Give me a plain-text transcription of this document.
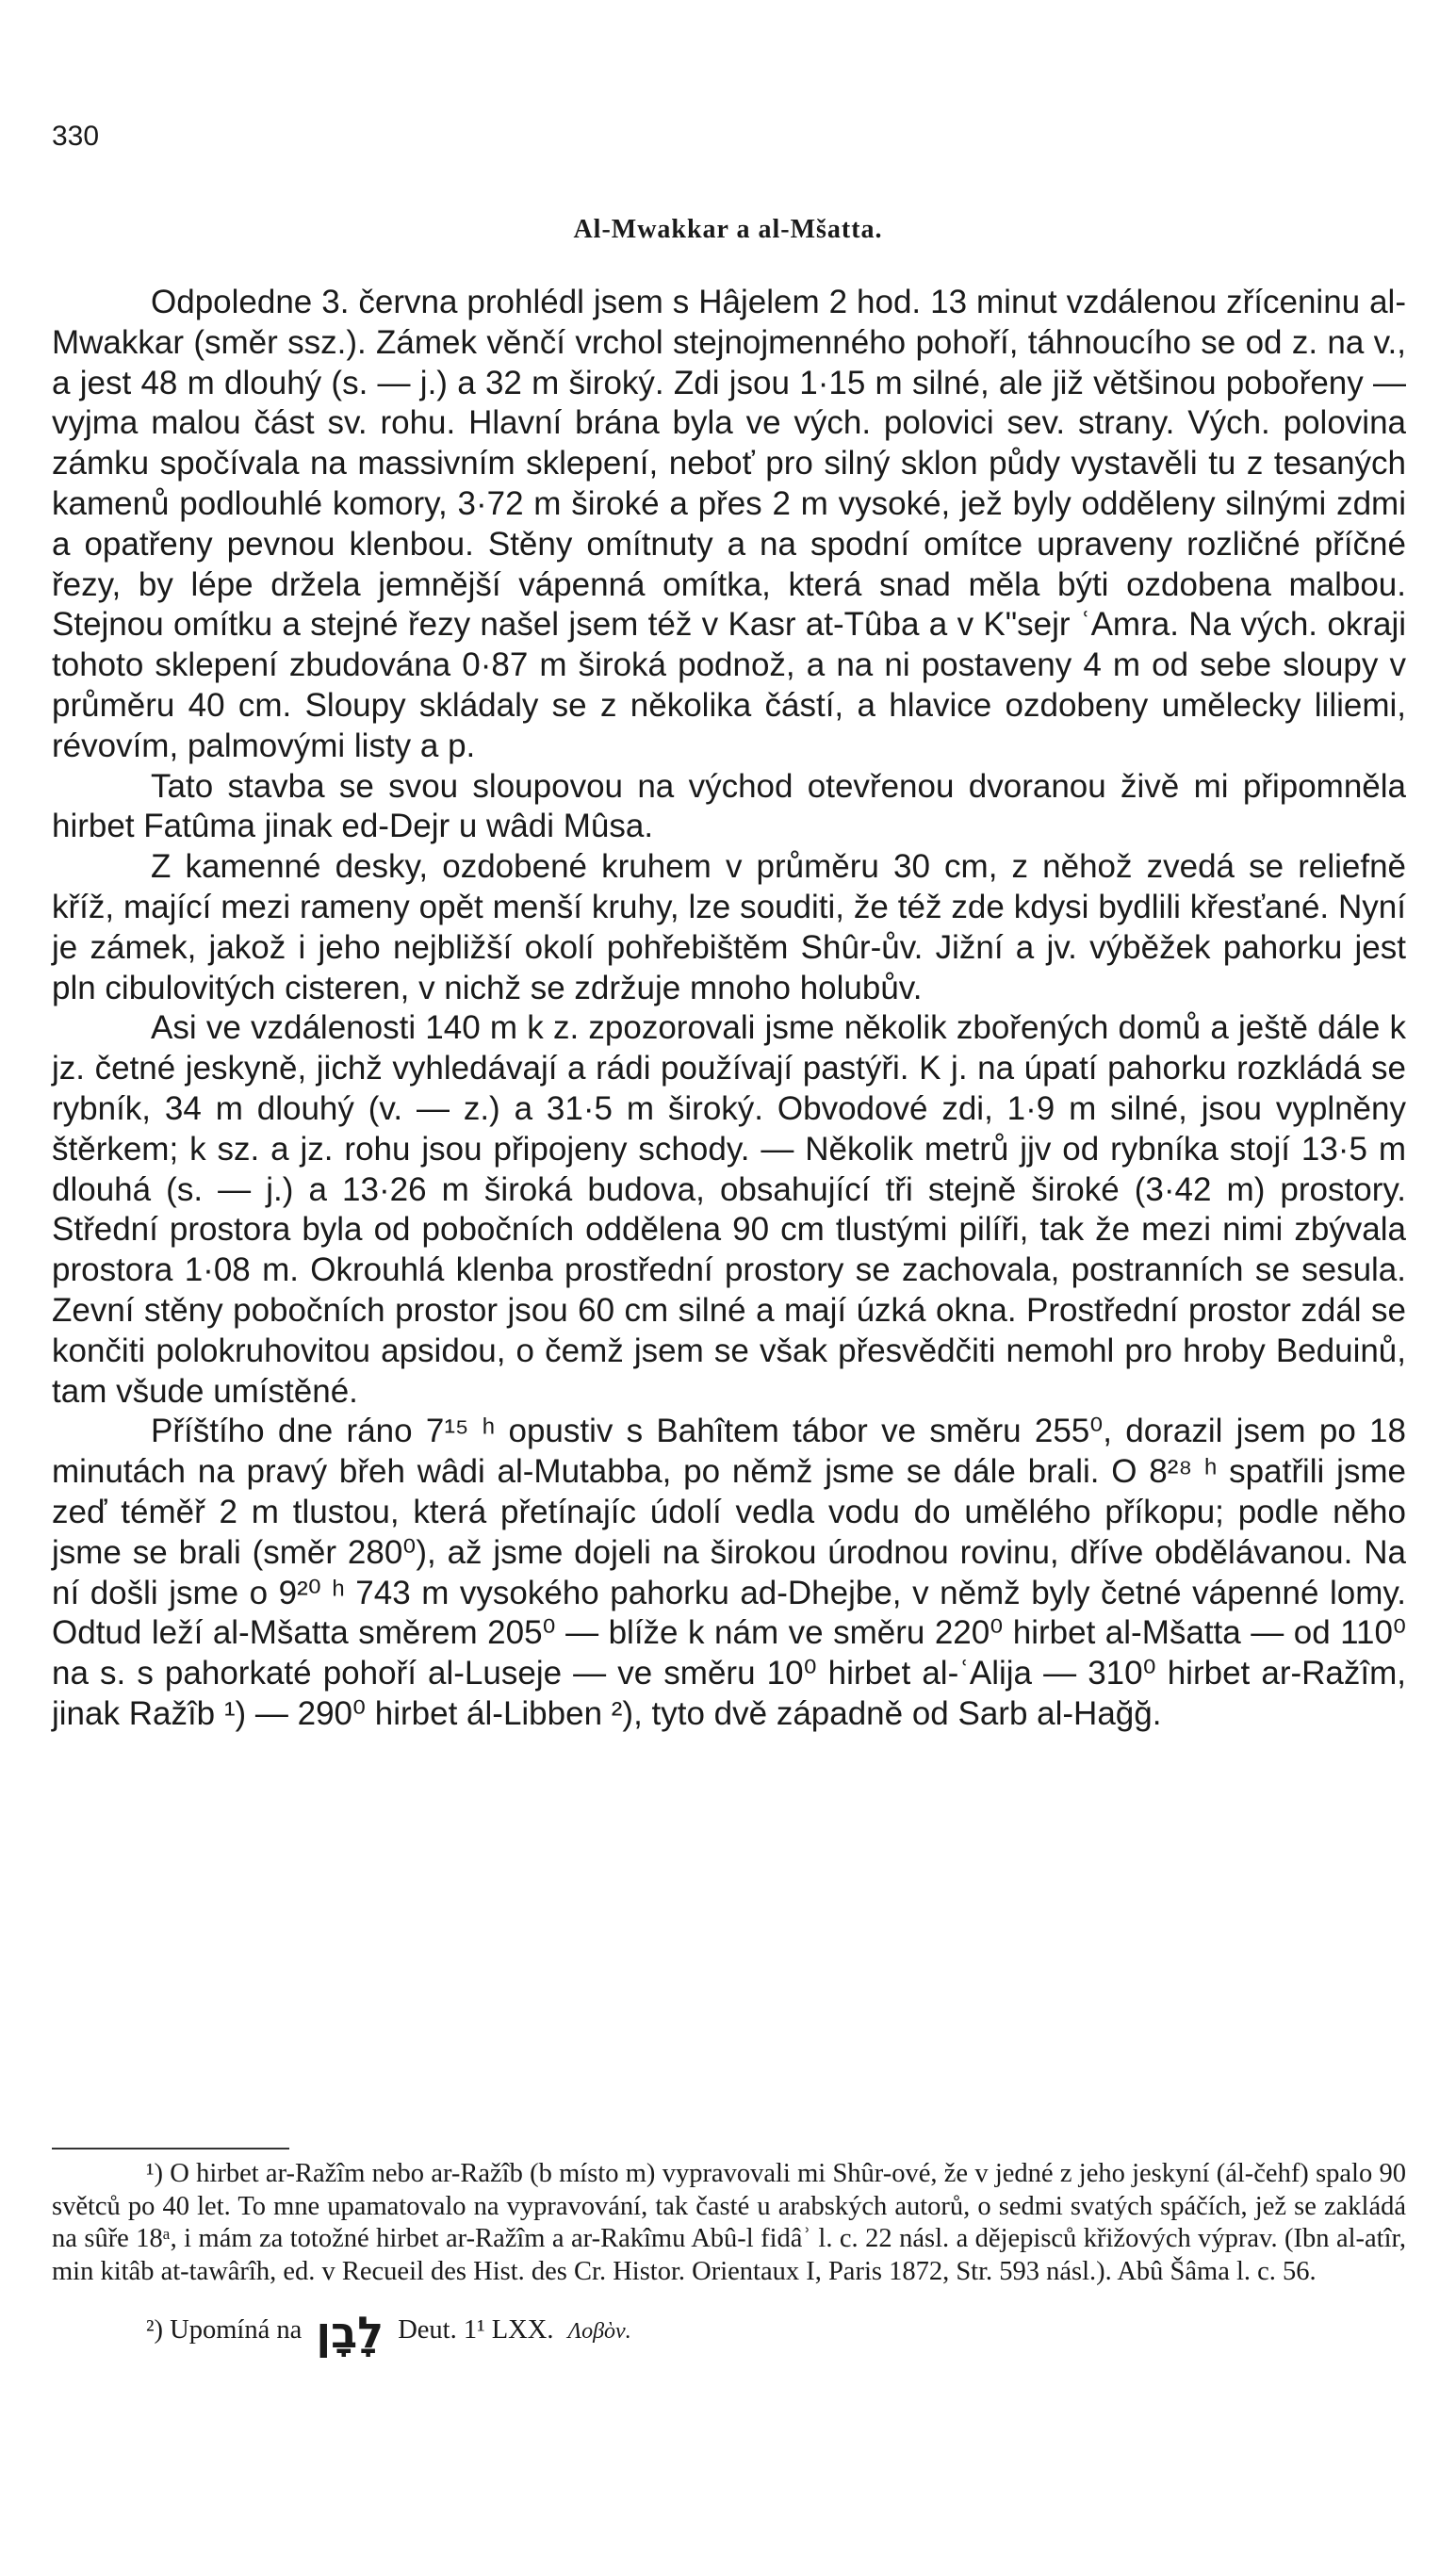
330
Al-Mwakkar a al-Mšatta.

Odpoledne 3. června prohlédl jsem s Hâjelem 2 hod. 13 minut vzdálenou zříceninu al-Mwakkar (směr ssz.). Zámek věnčí vrchol stejnojmenného pohoří, táhnoucího se od z. na v., a jest 48 m dlouhý (s. — j.) a 32 m široký. Zdi jsou 1·15 m silné, ale již většinou pobořeny — vyjma malou část sv. rohu. Hlavní brána byla ve vých. polovici sev. strany. Vých. polovina zámku spočívala na massivním sklepení, neboť pro silný sklon půdy vystavěli tu z tesaných kamenů podlouhlé komory, 3·72 m široké a přes 2 m vysoké, jež byly odděleny silnými zdmi a opatřeny pevnou klenbou. Stěny omítnuty a na spodní omítce upraveny rozličné příčné řezy, by lépe držela jemnější vápenná omítka, která snad měla býti ozdobena malbou. Stejnou omítku a stejné řezy našel jsem též v Kasr at-Tûba a v K"sejr ʿAmra. Na vých. okraji tohoto sklepení zbudována 0·87 m široká podnož, a na ni postaveny 4 m od sebe sloupy v průměru 40 cm. Sloupy skládaly se z několika částí, a hlavice ozdobeny umělecky liliemi, révovím, palmovými listy a p.

Tato stavba se svou sloupovou na východ otevřenou dvoranou živě mi připomněla hirbet Fatûma jinak ed-Dejr u wâdi Mûsa.

Z kamenné desky, ozdobené kruhem v průměru 30 cm, z něhož zvedá se reliefně kříž, mající mezi rameny opět menší kruhy, lze souditi, že též zde kdysi bydlili křesťané. Nyní je zámek, jakož i jeho nejbližší okolí pohřebištěm Shûr-ův. Jižní a jv. výběžek pahorku jest pln cibulovitých cisteren, v nichž se zdržuje mnoho holubův.

Asi ve vzdálenosti 140 m k z. zpozorovali jsme několik zbořených domů a ještě dále k jz. četné jeskyně, jichž vyhledávají a rádi používají pastýři. K j. na úpatí pahorku rozkládá se rybník, 34 m dlouhý (v. — z.) a 31·5 m široký. Obvodové zdi, 1·9 m silné, jsou vyplněny štěrkem; k sz. a jz. rohu jsou připojeny schody. — Několik metrů jjv od rybníka stojí 13·5 m dlouhá (s. — j.) a 13·26 m široká budova, obsahující tři stejně široké (3·42 m) prostory. Střední prostora byla od pobočních oddělena 90 cm tlustými pilíři, tak že mezi nimi zbývala prostora 1·08 m. Okrouhlá klenba prostřední prostory se zachovala, postranních se sesula. Zevní stěny pobočních prostor jsou 60 cm silné a mají úzká okna. Prostřední prostor zdál se končiti polokruhovitou apsidou, o čemž jsem se však přesvědčiti nemohl pro hroby Beduinů, tam všude umístěné.

Příštího dne ráno 7¹⁵ ʰ opustiv s Bahîtem tábor ve směru 255⁰, dorazil jsem po 18 minutách na pravý břeh wâdi al-Mutabba, po němž jsme se dále brali. O 8²⁸ ʰ spatřili jsme zeď téměř 2 m tlustou, která přetínajíc údolí vedla vodu do umělého příkopu; podle něho jsme se brali (směr 280⁰), až jsme dojeli na širokou úrodnou rovinu, dříve obdělávanou. Na ní došli jsme o 9²⁰ ʰ 743 m vysokého pahorku ad-Dhejbe, v němž byly četné vápenné lomy. Odtud leží al-Mšatta směrem 205⁰ — blíže k nám ve směru 220⁰ hirbet al-Mšatta — od 110⁰ na s. s pahorkaté pohoří al-Luseje — ve směru 10⁰ hirbet al-ʿAlija — 310⁰ hirbet ar-Ražîm, jinak Ražîb ¹) — 290⁰ hirbet ál-Libben ²), tyto dvě západně od Sarb al-Hağğ.

¹) O hirbet ar-Ražîm nebo ar-Ražîb (b místo m) vypravovali mi Shûr-ové, že v jedné z jeho jeskyní (ál-čehf) spalo 90 světců po 40 let. To mne upamatovalo na vypravování, tak časté u arabských autorů, o sedmi svatých spáčích, jež se zakládá na sûře 18ᵃ, i mám za totožné hirbet ar-Ražîm a ar-Rakîmu Abû-l fidâʾ l. c. 22 násl. a dějepisců křižových výprav. (Ibn al-atîr, min kitâb at-tawârîh, ed. v Recueil des Hist. des Cr. Histor. Orientaux I, Paris 1872, Str. 593 násl.). Abû Šâma l. c. 56.

²) Upomíná na לָבָן Deut. 1¹ LXX. Λοβὸν.
